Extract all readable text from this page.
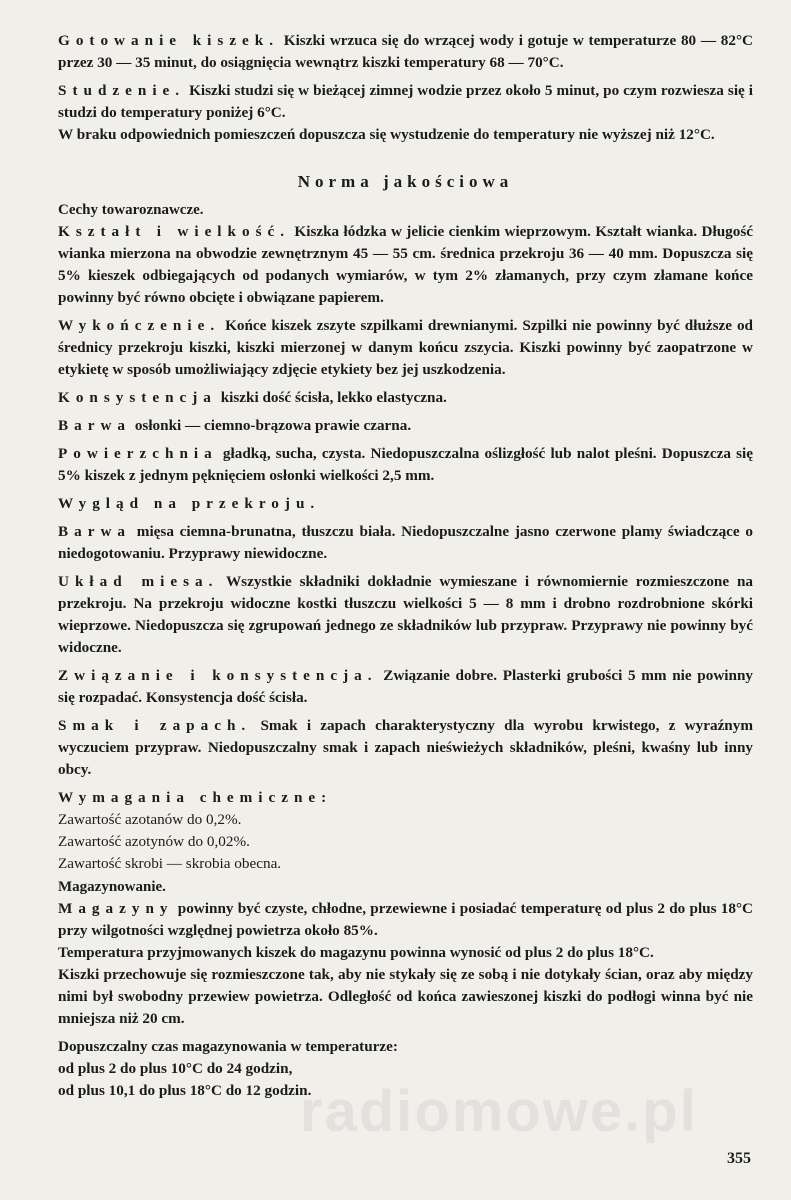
Gotowanie kiszek. Kiszki wrzuca się do wrzącej wody i gotuje w temperaturze 80 — 82°C przez 30 — 35 minut, do osiągnięcia wewnątrz kiszki temperatury 68 — 70°C.

Studzenie. Kiszki studzi się w bieżącej zimnej wodzie przez około 5 minut, po czym rozwiesza się i studzi do temperatury poniżej 6°C.

W braku odpowiednich pomieszczeń dopuszcza się wystudzenie do temperatury nie wyższej niż 12°C.

Norma jakościowa
Cechy towaroznawcze.

Kształt i wielkość. Kiszka łódzka w jelicie cienkim wieprzowym. Kształt wianka. Długość wianka mierzona na obwodzie zewnętrznym 45 — 55 cm. średnica przekroju 36 — 40 mm. Dopuszcza się 5% kieszek odbiegających od podanych wymiarów, w tym 2% złamanych, przy czym złamane końce powinny być równo obcięte i obwiązane papierem.

Wykończenie. Końce kiszek zszyte szpilkami drewnianymi. Szpilki nie powinny być dłuższe od średnicy przekroju kiszki, kiszki mierzonej w danym końcu zszycia. Kiszki powinny być zaopatrzone w etykietę w sposób umożliwiający zdjęcie etykiety bez jej uszkodzenia.

Konsystencja kiszki dość ścisła, lekko elastyczna.

Barwa osłonki — ciemno-brązowa prawie czarna.

Powierzchnia gładką, sucha, czysta. Niedopuszczalna oślizgłość lub nalot pleśni. Dopuszcza się 5% kiszek z jednym pęknięciem osłonki wielkości 2,5 mm.

Wygląd na przekroju.

Barwa mięsa ciemna-brunatna, tłuszczu biała. Niedopuszczalne jasno czerwone plamy świadczące o niedogotowaniu. Przyprawy niewidoczne.

Układ miesa. Wszystkie składniki dokładnie wymieszane i równomiernie rozmieszczone na przekroju. Na przekroju widoczne kostki tłuszczu wielkości 5 — 8 mm i drobno rozdrobnione skórki wieprzowe. Niedopuszcza się zgrupowań jednego ze składników lub przypraw. Przyprawy nie powinny być widoczne.

Związanie i konsystencja. Związanie dobre. Plasterki grubości 5 mm nie powinny się rozpadać. Konsystencja dość ścisła.

Smak i zapach. Smak i zapach charakterystyczny dla wyrobu krwistego, z wyraźnym wyczuciem przypraw. Niedopuszczalny smak i zapach nieświeżych składników, pleśni, kwaśny lub inny obcy.

Wymagania chemiczne:

Zawartość azotanów do 0,2%.

Zawartość azotynów do 0,02%.

Zawartość skrobi — skrobia obecna.

Magazynowanie.

Magazyny powinny być czyste, chłodne, przewiewne i posiadać temperaturę od plus 2 do plus 18°C przy wilgotności względnej powietrza około 85%.

Temperatura przyjmowanych kiszek do magazynu powinna wynosić od plus 2 do plus 18°C.

Kiszki przechowuje się rozmieszczone tak, aby nie stykały się ze sobą i nie dotykały ścian, oraz aby między nimi był swobodny przewiew powietrza. Odległość od końca zawieszonej kiszki do podłogi winna być nie mniejsza niż 20 cm.

Dopuszczalny czas magazynowania w temperaturze:

od plus 2 do plus 10°C do 24 godzin,

od plus 10,1 do plus 18°C do 12 godzin.

radiomowe.pl
355
